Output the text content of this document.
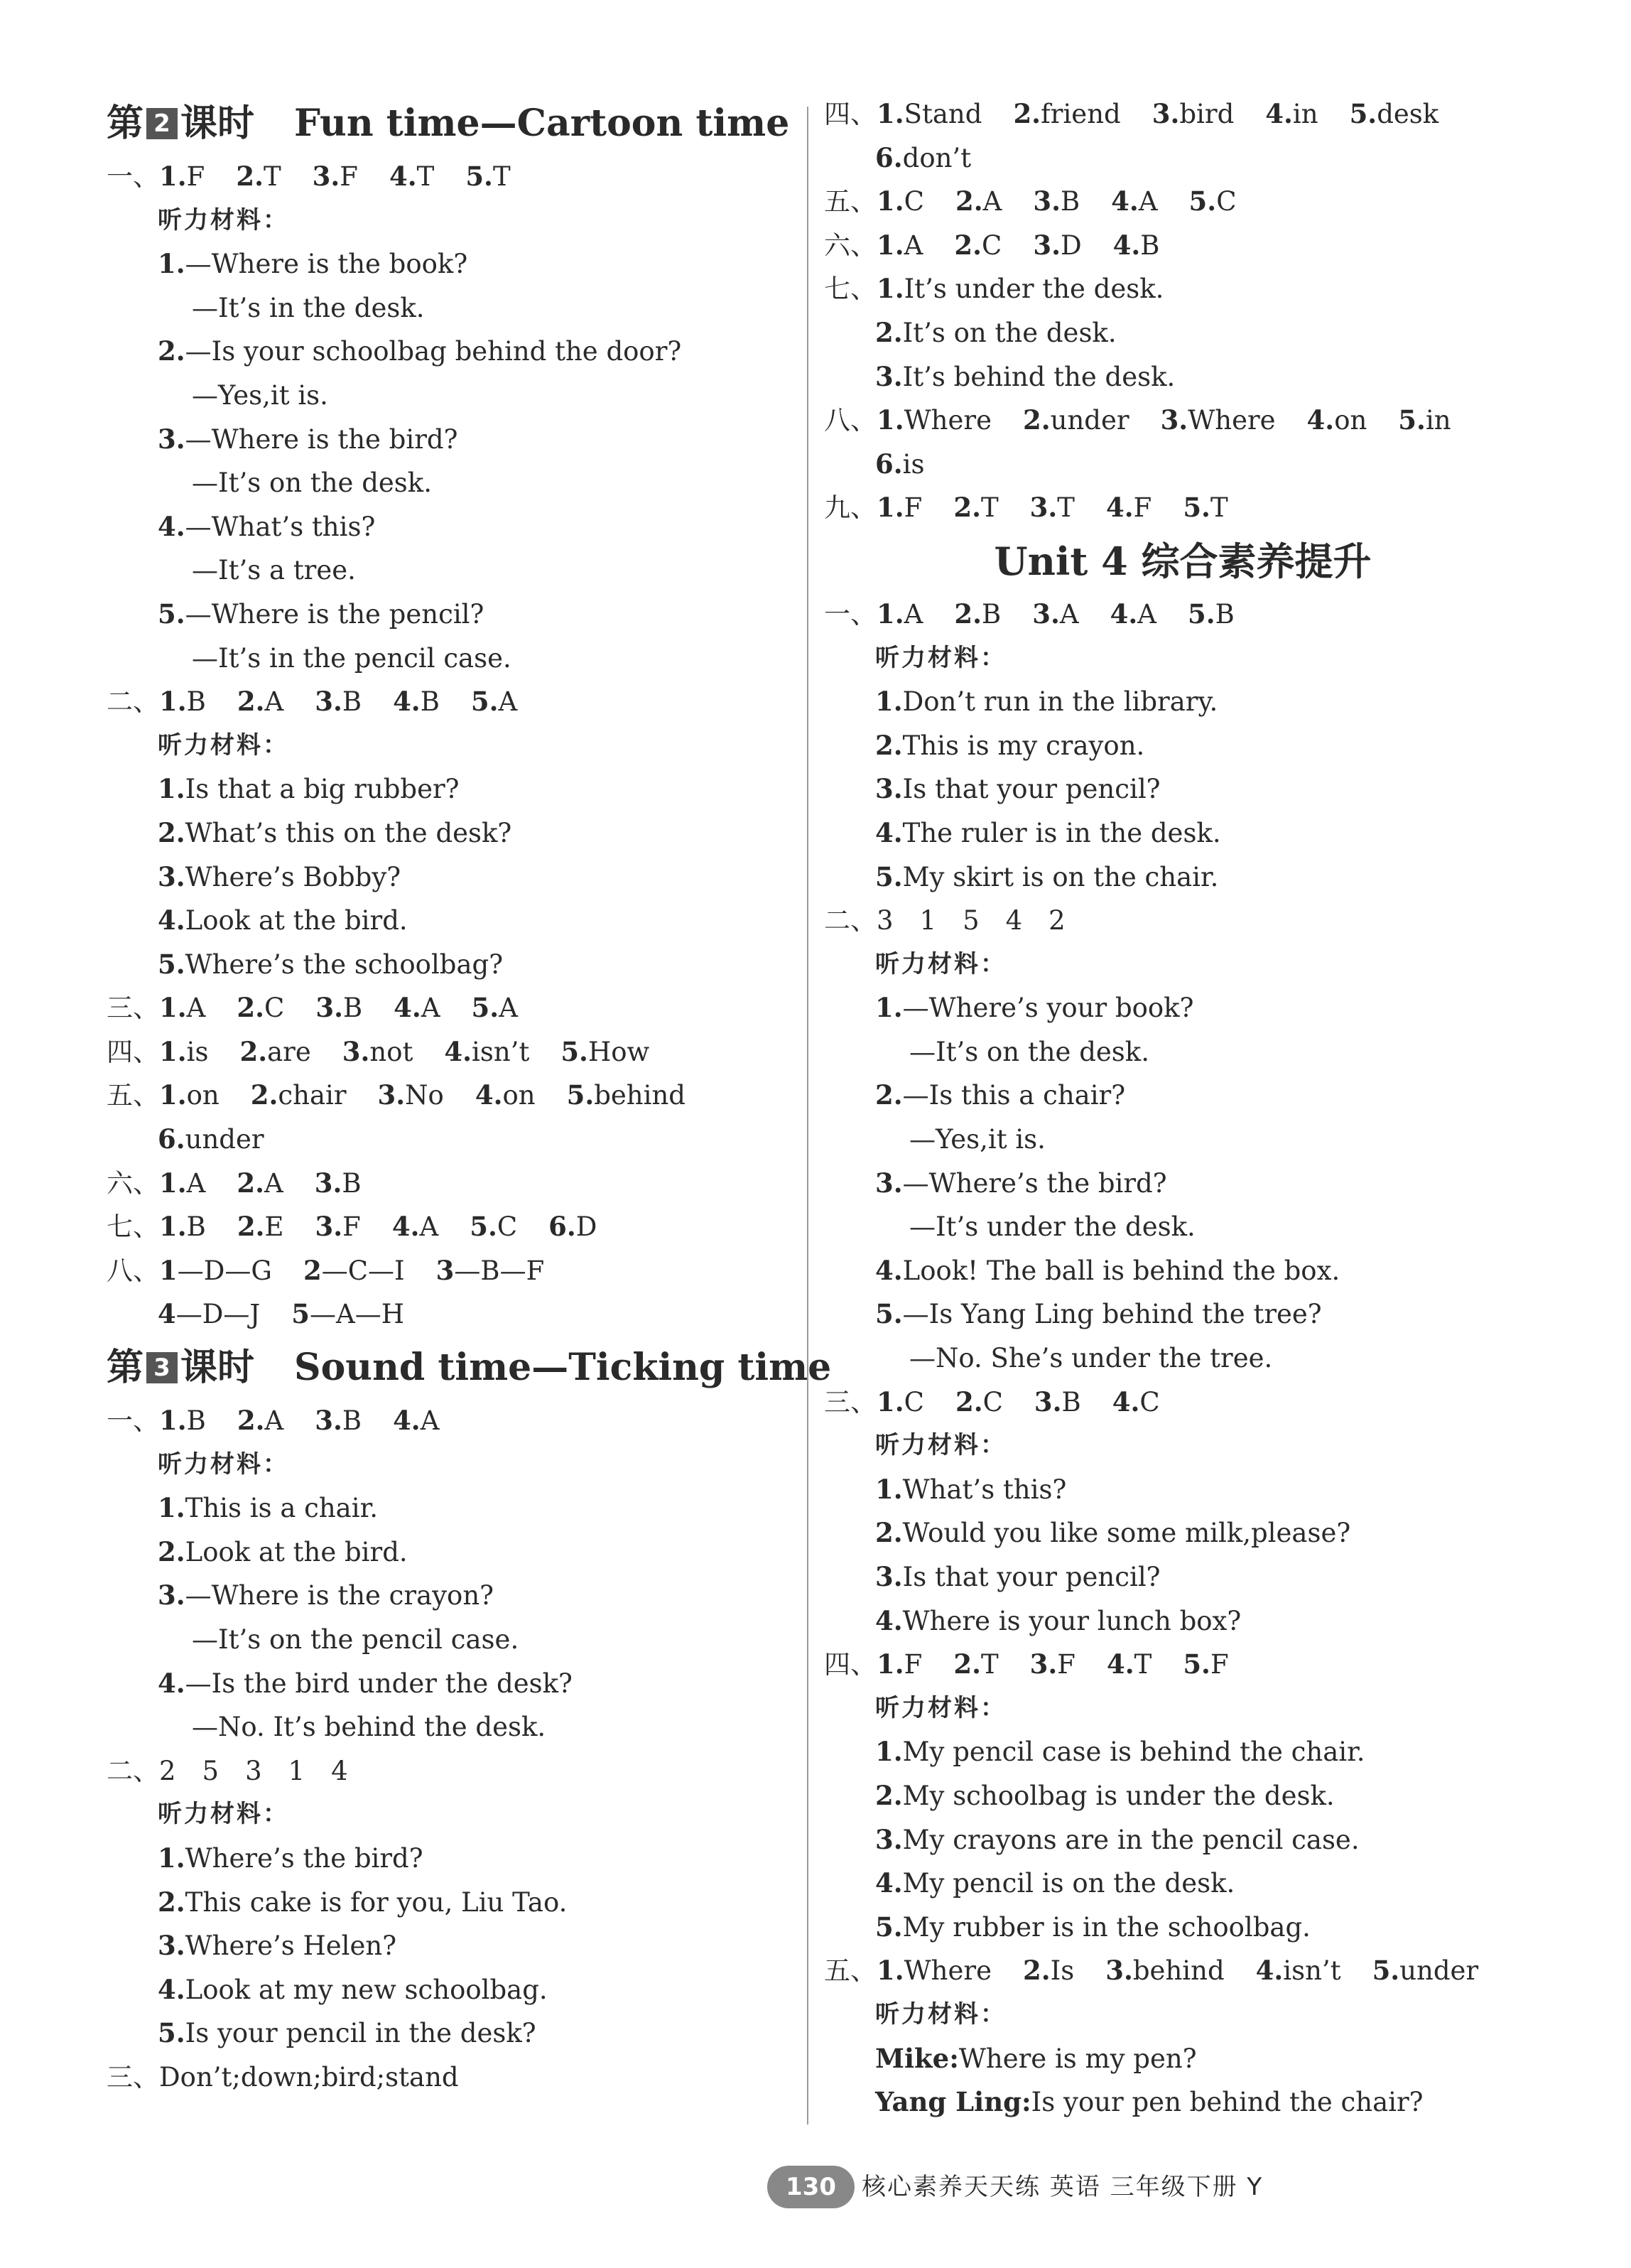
第 2 课时 Fun time—Cartoon time
一、1.F 2.T 3.F 4.T 5.T
听力材料：
1.—Where is the book?
—It’s in the desk.
2.—Is your schoolbag behind the door?
—Yes,it is.
3.—Where is the bird?
—It’s on the desk.
4.—What’s this?
—It’s a tree.
5.—Where is the pencil?
—It’s in the pencil case.
二、1.B 2.A 3.B 4.B 5.A
听力材料：
1.Is that a big rubber?
2.What’s this on the desk?
3.Where’s Bobby?
4.Look at the bird.
5.Where’s the schoolbag?
三、1.A 2.C 3.B 4.A 5.A
四、1.is 2.are 3.not 4.isn’t 5.How
五、1.on 2.chair 3.No 4.on 5.behind
6.under
六、1.A 2.A 3.B
七、1.B 2.E 3.F 4.A 5.C 6.D
八、1—D—G 2—C—I 3—B—F
4—D—J 5—A—H
第 3 课时 Sound time—Ticking time
一、1.B 2.A 3.B 4.A
听力材料：
1.This is a chair.
2.Look at the bird.
3.—Where is the crayon?
—It’s on the pencil case.
4.—Is the bird under the desk?
—No. It’s behind the desk.
二、2　5　3　1　4
听力材料：
1.Where’s the bird?
2.This cake is for you, Liu Tao.
3.Where’s Helen?
4.Look at my new schoolbag.
5.Is your pencil in the desk?
三、Don’t;down;bird;stand
四、1.Stand 2.friend 3.bird 4.in 5.desk
6.don’t
五、1.C 2.A 3.B 4.A 5.C
六、1.A 2.C 3.D 4.B
七、1.It’s under the desk.
2.It’s on the desk.
3.It’s behind the desk.
八、1.Where 2.under 3.Where 4.on 5.in
6.is
九、1.F 2.T 3.T 4.F 5.T
Unit 4 综合素养提升
一、1.A 2.B 3.A 4.A 5.B
听力材料：
1.Don’t run in the library.
2.This is my crayon.
3.Is that your pencil?
4.The ruler is in the desk.
5.My skirt is on the chair.
二、3　1　5　4　2
听力材料：
1.—Where’s your book?
—It’s on the desk.
2.—Is this a chair?
—Yes,it is.
3.—Where’s the bird?
—It’s under the desk.
4.Look! The ball is behind the box.
5.—Is Yang Ling behind the tree?
—No. She’s under the tree.
三、1.C 2.C 3.B 4.C
听力材料：
1.What’s this?
2.Would you like some milk,please?
3.Is that your pencil?
4.Where is your lunch box?
四、1.F 2.T 3.F 4.T 5.F
听力材料：
1.My pencil case is behind the chair.
2.My schoolbag is under the desk.
3.My crayons are in the pencil case.
4.My pencil is on the desk.
5.My rubber is in the schoolbag.
五、1.Where 2.Is 3.behind 4.isn’t 5.under
听力材料：
Mike:Where is my pen?
Yang Ling:Is your pen behind the chair?
130 核心素养天天练 英语 三年级下册 Y
